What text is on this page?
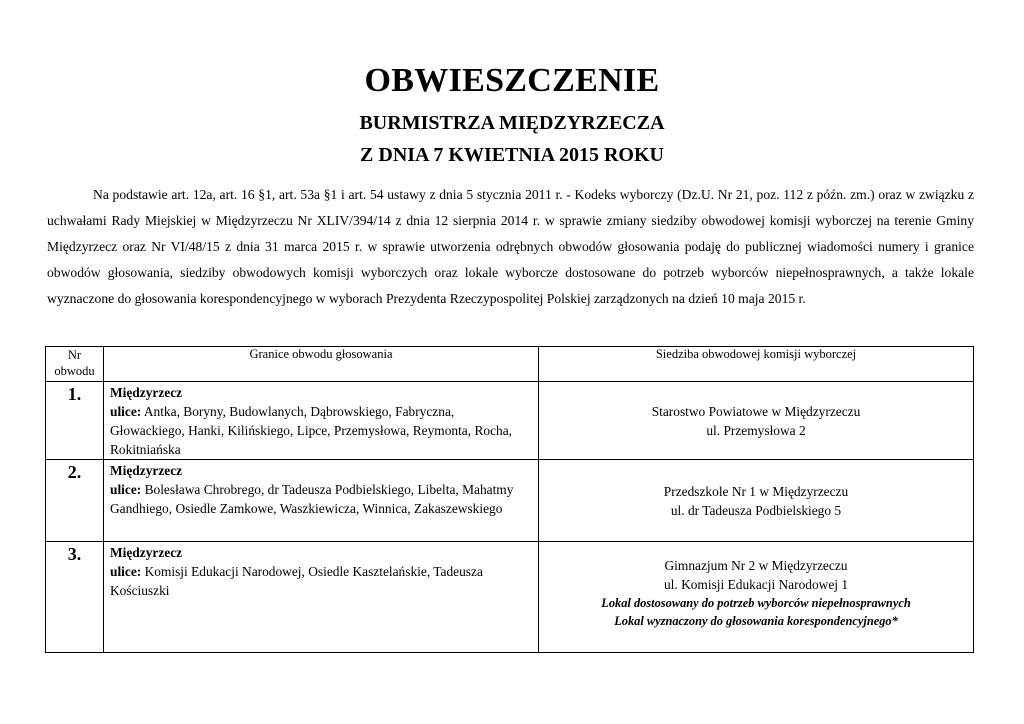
OBWIESZCZENIE
BURMISTRZA MIĘDZYRZECZA
Z DNIA 7 KWIETNIA 2015 ROKU

Na podstawie art. 12a, art. 16 §1, art. 53a §1 i art. 54 ustawy z dnia 5 stycznia 2011 r. - Kodeks wyborczy (Dz.U. Nr 21, poz. 112 z późn. zm.) oraz w związku z uchwałami Rady Miejskiej w Międzyrzeczu Nr XLIV/394/14 z dnia 12 sierpnia 2014 r. w sprawie zmiany siedziby obwodowej komisji wyborczej na terenie Gminy Międzyrzecz oraz Nr VI/48/15 z dnia 31 marca 2015 r. w sprawie utworzenia odrębnych obwodów głosowania podaję do publicznej wiadomości numery i granice obwodów głosowania, siedziby obwodowych komisji wyborczych oraz lokale wyborcze dostosowane do potrzeb wyborców niepełnosprawnych, a także lokale wyznaczone do głosowania korespondencyjnego w wyborach Prezydenta Rzeczypospolitej Polskiej zarządzonych na dzień 10 maja 2015 r.

Nr
obwodu	Granice obwodu głosowania	Siedziba obwodowej komisji wyborczej
1.	Międzyrzecz
ulice: Antka, Boryny, Budowlanych, Dąbrowskiego, Fabryczna, Głowackiego, Hanki, Kilińskiego, Lipce, Przemysłowa, Reymonta, Rocha, Rokitniańska	Starostwo Powiatowe w Międzyrzeczu
ul. Przemysłowa 2
2.	Międzyrzecz
ulice: Bolesława Chrobrego, dr Tadeusza Podbielskiego, Libelta, Mahatmy Gandhiego, Osiedle Zamkowe, Waszkiewicza, Winnica, Zakaszewskiego	Przedszkole Nr 1 w Międzyrzeczu
ul. dr Tadeusza Podbielskiego 5
3.	Międzyrzecz
ulice: Komisji Edukacji Narodowej, Osiedle Kasztelańskie, Tadeusza Kościuszki	Gimnazjum Nr 2 w Międzyrzeczu
ul. Komisji Edukacji Narodowej 1
Lokal dostosowany do potrzeb wyborców niepełnosprawnych
Lokal wyznaczony do głosowania korespondencyjnego*
